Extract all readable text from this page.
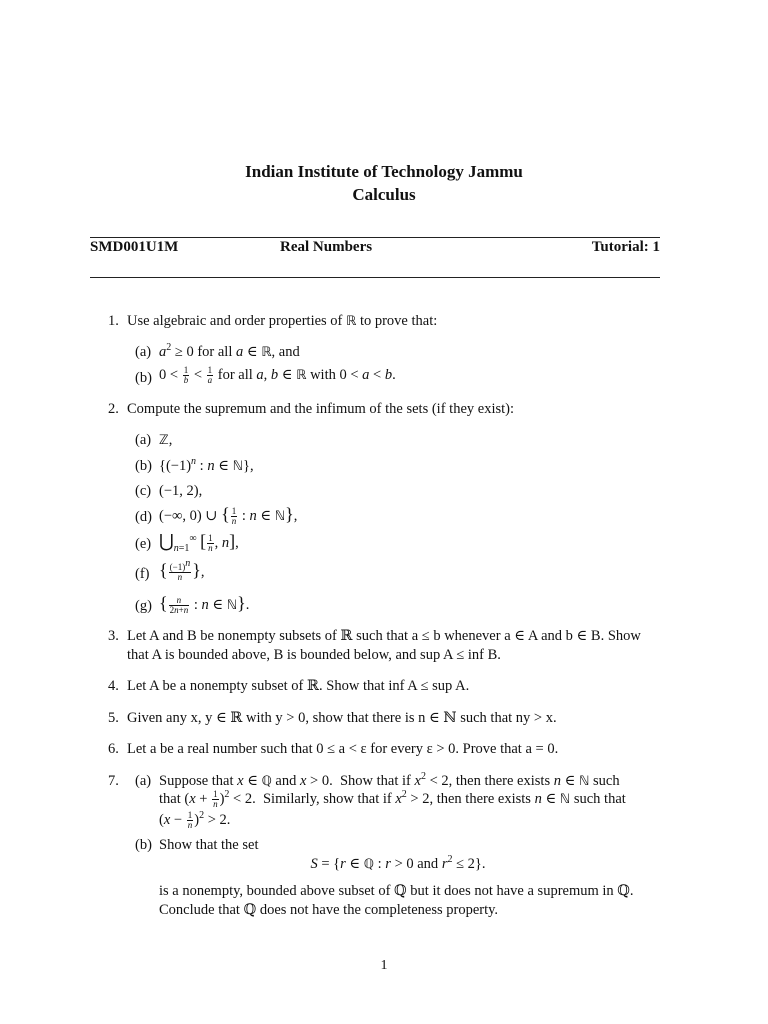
Indian Institute of Technology Jammu
Calculus
SMD001U1M	Real Numbers	Tutorial: 1
1. Use algebraic and order properties of ℝ to prove that:
(a) $a^2 \ge 0$ for all a ∈ ℝ, and
(b) $0 < \frac{1}{b} < \frac{1}{a}$ for all a, b ∈ ℝ with 0 < a < b.
2. Compute the supremum and the infimum of the sets (if they exist):
(a) ℤ,
(b) {$(-1)^n$ : n ∈ ℕ},
(c) (−1, 2),
(d) (−∞, 0) ∪ { $\frac{1}{n}$ : n ∈ ℕ},
(e) $⋃_{n=1}^\infty$ [ $\frac{1}{n}$ , n],
(f) { $\frac{(-1)^n}{n}$ },
(g) { $\frac{n}{2n+n}$ : n ∈ ℕ}.
3. Let A and B be nonempty subsets of ℝ such that a ≤ b whenever a ∈ A and b ∈ B. Show
that A is bounded above, B is bounded below, and sup A ≤ inf B.
4. Let A be a nonempty subset of ℝ. Show that inf A ≤ sup A.
5. Given any x, y ∈ ℝ with y > 0, show that there is n ∈ ℕ such that ny > x.
6. Let a be a real number such that 0 ≤ a < ε for every ε > 0. Prove that a = 0.
7. (a) Suppose that x ∈ ℚ and x > 0.  Show that if $x^2 < 2$, then there exists n ∈ ℕ such
that $(x + \frac{1}{n} )^2 < 2$.  Similarly, show that if $x^2 > 2$, then there exists n ∈ ℕ such that
$(x - \frac{1}{n} )^2 > 2$.
(b) Show that the set
S = {r ∈ ℚ : r > 0 and $r^2 \le 2$}.
is a nonempty, bounded above subset of ℚ but it does not have a supremum in ℚ.
Conclude that ℚ does not have the completeness property.
1
